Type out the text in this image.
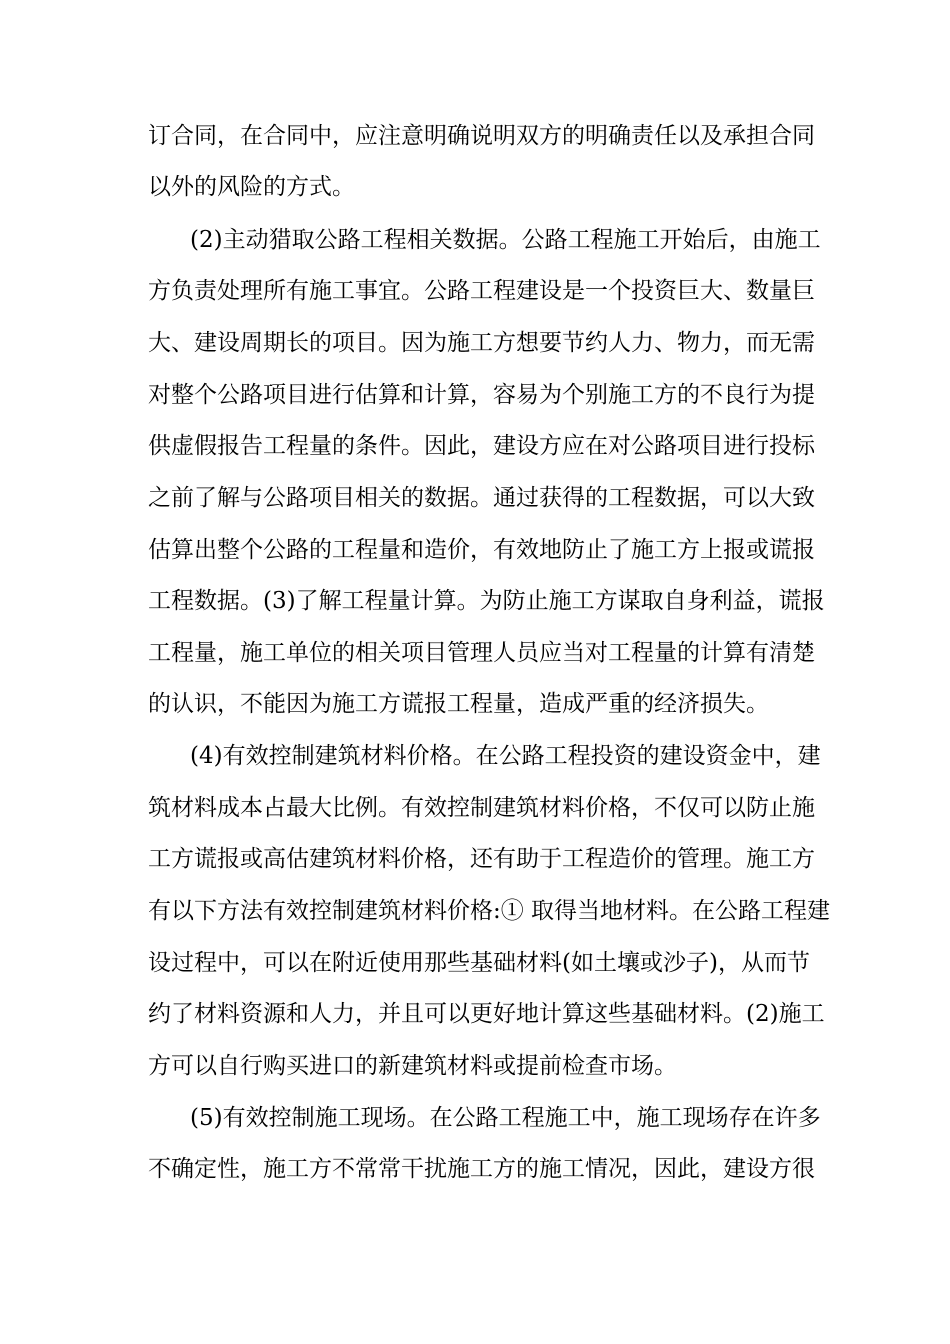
订合同，在合同中，应注意明确说明双方的明确责任以及承担合同

以外的风险的方式。

(2)主动猎取公路工程相关数据。公路工程施工开始后，由施工

方负责处理所有施工事宜。公路工程建设是一个投资巨大、数量巨

大、建设周期长的项目。因为施工方想要节约人力、物力，而无需

对整个公路项目进行估算和计算，容易为个别施工方的不良行为提

供虚假报告工程量的条件。因此，建设方应在对公路项目进行投标

之前了解与公路项目相关的数据。通过获得的工程数据，可以大致

估算出整个公路的工程量和造价，有效地防止了施工方上报或谎报

工程数据。(3)了解工程量计算。为防止施工方谋取自身利益，谎报

工程量，施工单位的相关项目管理人员应当对工程量的计算有清楚

的认识，不能因为施工方谎报工程量，造成严重的经济损失。

(4)有效控制建筑材料价格。在公路工程投资的建设资金中，建

筑材料成本占最大比例。有效控制建筑材料价格，不仅可以防止施

工方谎报或高估建筑材料价格，还有助于工程造价的管理。施工方

有以下方法有效控制建筑材料价格:① 取得当地材料。在公路工程建

设过程中，可以在附近使用那些基础材料(如土壤或沙子)，从而节

约了材料资源和人力，并且可以更好地计算这些基础材料。(2)施工

方可以自行购买进口的新建筑材料或提前检查市场。

(5)有效控制施工现场。在公路工程施工中，施工现场存在许多

不确定性，施工方不常常干扰施工方的施工情况，因此，建设方很
